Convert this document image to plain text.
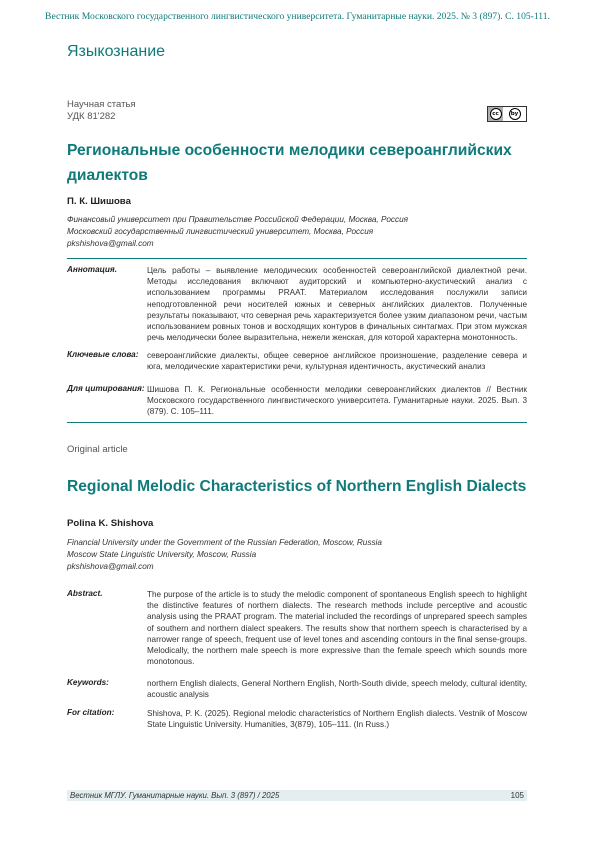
Вестник Московского государственного лингвистического университета. Гуманитарные науки. 2025. № 3 (897). С. 105-111.
Языкознание
Научная статья
УДК 81'282	cc	by
Региональные особенности мелодики североанглийских диалектов
П. К. Шишова
Финансовый университет при Правительстве Российской Федерации, Москва, Россия
Московский государственный лингвистический университет, Москва, Россия
pkshishova@gmail.com
Аннотация.	Цель работы – выявление мелодических особенностей североанглийской диалектной речи. Методы исследования включают аудиторский и компьютерно-акустический анализ с использованием программы PRAAT. Материалом исследования послужили записи неподготовленной речи носителей южных и северных английских диалектов. Полученные результаты показывают, что северная речь характеризуется более узким диапазоном речи, частым использованием ровных тонов и восходящих контуров в финальных синтагмах. При этом мужская речь мелодически более выразительна, нежели женская, для которой характерна монотонность.
Ключевые слова: североанглийские диалекты, общее северное английское произношение, разделение севера и юга, мелодические характеристики речи, культурная идентичность, акустический анализ
Для цитирования: Шишова П. К. Региональные особенности мелодики североанглийских диалектов // Вестник Московского государственного лингвистического университета. Гуманитарные науки. 2025. Вып. 3 (879). С. 105–111.
Original article
Regional Melodic Characteristics of Northern English Dialects
Polina K. Shishova
Financial University under the Government of the Russian Federation, Moscow, Russia
Moscow State Linguistic University, Moscow, Russia
pkshishova@gmail.com
Abstract.	The purpose of the article is to study the melodic component of spontaneous English speech to highlight the distinctive features of northern dialects. The research methods include perceptive and acoustic analysis using the PRAAT program. The material included the recordings of unprepared speech samples of southern and northern dialect speakers. The results show that northern speech is characterised by a narrower range of speech, frequent use of level tones and ascending contours in the final sense-groups. Melodically, the northern male speech is more expressive than the female speech which sounds more monotonous.
Keywords:	northern English dialects, General Northern English, North-South divide, speech melody, cultural identity, acoustic analysis
For citation:	Shishova, P. K. (2025). Regional melodic characteristics of Northern English dialects. Vestnik of Moscow State Linguistic University. Humanities, 3(879), 105–111. (In Russ.)
Вестник МГЛУ. Гуманитарные науки. Вып. 3 (897) / 2025	105
